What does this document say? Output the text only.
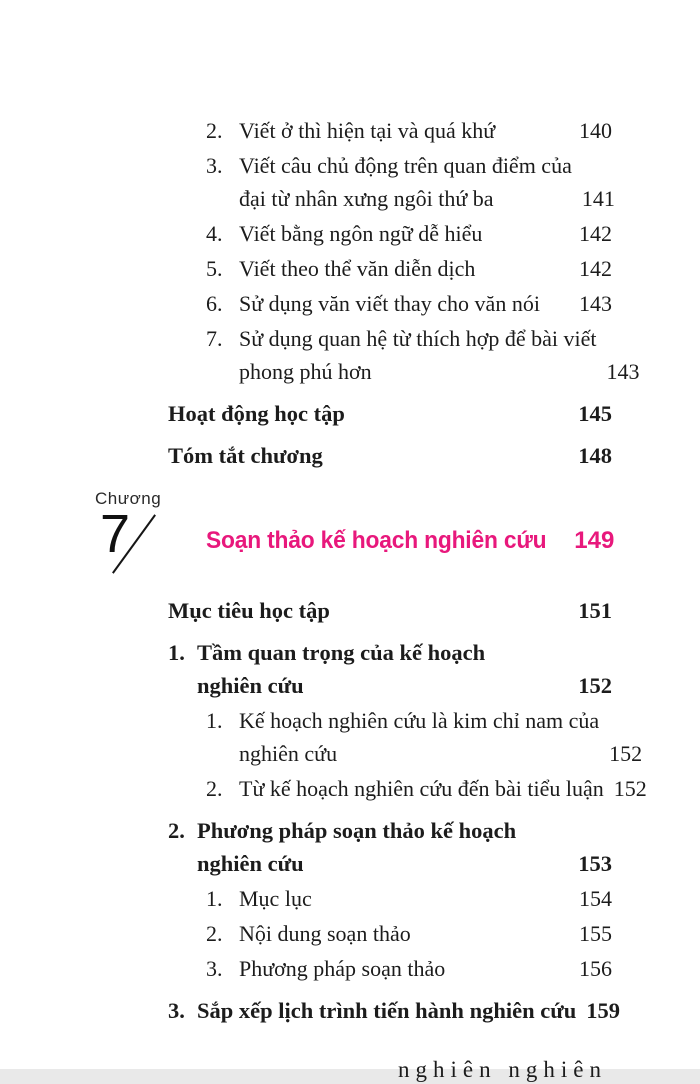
2. Viết ở thì hiện tại và quá khứ	140
3. Viết câu chủ động trên quan điểm của
đại từ nhân xưng ngôi thứ ba	141
4. Viết bằng ngôn ngữ dễ hiểu	142
5. Viết theo thể văn diễn dịch	142
6. Sử dụng văn viết thay cho văn nói	143
7. Sử dụng quan hệ từ thích hợp để bài viết
phong phú hơn	143
Hoạt động học tập	145
Tóm tắt chương	148
Chương
7	Soạn thảo kế hoạch nghiên cứu	149
Mục tiêu học tập	151
1. Tầm quan trọng của kế hoạch
nghiên cứu	152
1. Kế hoạch nghiên cứu là kim chỉ nam của
nghiên cứu	152
2. Từ kế hoạch nghiên cứu đến bài tiểu luận 152
2. Phương pháp soạn thảo kế hoạch
nghiên cứu	153
1. Mục lục	154
2. Nội dung soạn thảo	155
3. Phương pháp soạn thảo	156
3. Sắp xếp lịch trình tiến hành nghiên cứu 159
nghiên nghiên
